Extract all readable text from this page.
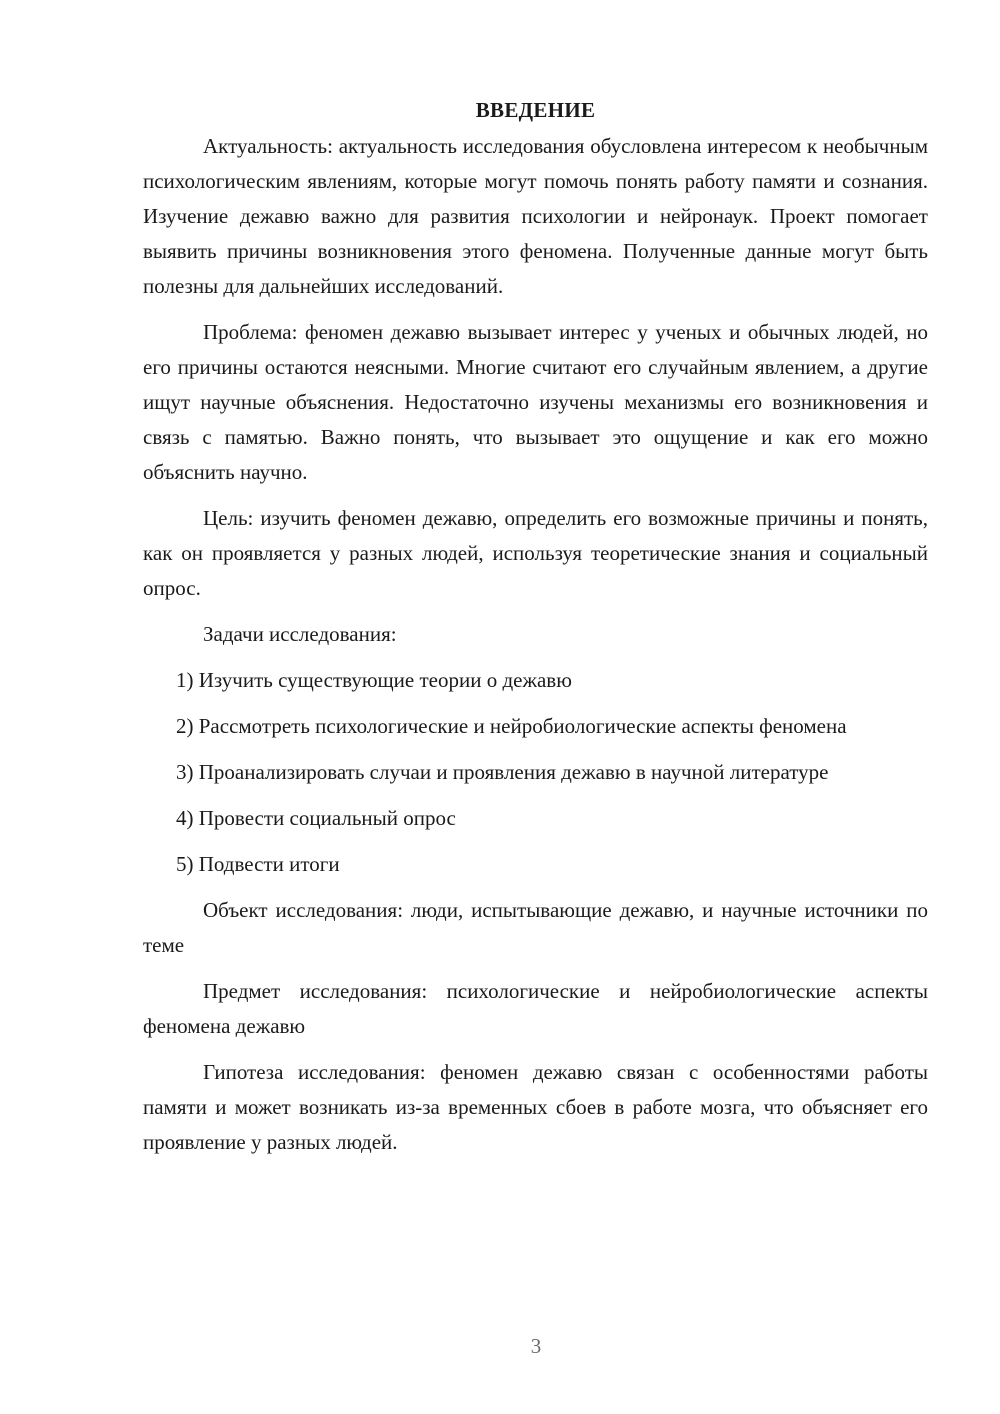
ВВЕДЕНИЕ

Актуальность: актуальность исследования обусловлена интересом к необычным психологическим явлениям, которые могут помочь понять работу памяти и сознания. Изучение дежавю важно для развития психологии и нейронаук. Проект помогает выявить причины возникновения этого феномена. Полученные данные могут быть полезны для дальнейших исследований.

Проблема: феномен дежавю вызывает интерес у ученых и обычных людей, но его причины остаются неясными. Многие считают его случайным явлением, а другие ищут научные объяснения. Недостаточно изучены механизмы его возникновения и связь с памятью. Важно понять, что вызывает это ощущение и как его можно объяснить научно.

Цель: изучить феномен дежавю, определить его возможные причины и понять, как он проявляется у разных людей, используя теоретические знания и социальный опрос.

Задачи исследования:

1) Изучить существующие теории о дежавю

2) Рассмотреть психологические и нейробиологические аспекты феномена

3) Проанализировать случаи и проявления дежавю в научной литературе

4) Провести социальный опрос

5) Подвести итоги

Объект исследования: люди, испытывающие дежавю, и научные источники по теме

Предмет исследования: психологические и нейробиологические аспекты феномена дежавю

Гипотеза исследования: феномен дежавю связан с особенностями работы памяти и может возникать из-за временных сбоев в работе мозга, что объясняет его проявление у разных людей.

3
